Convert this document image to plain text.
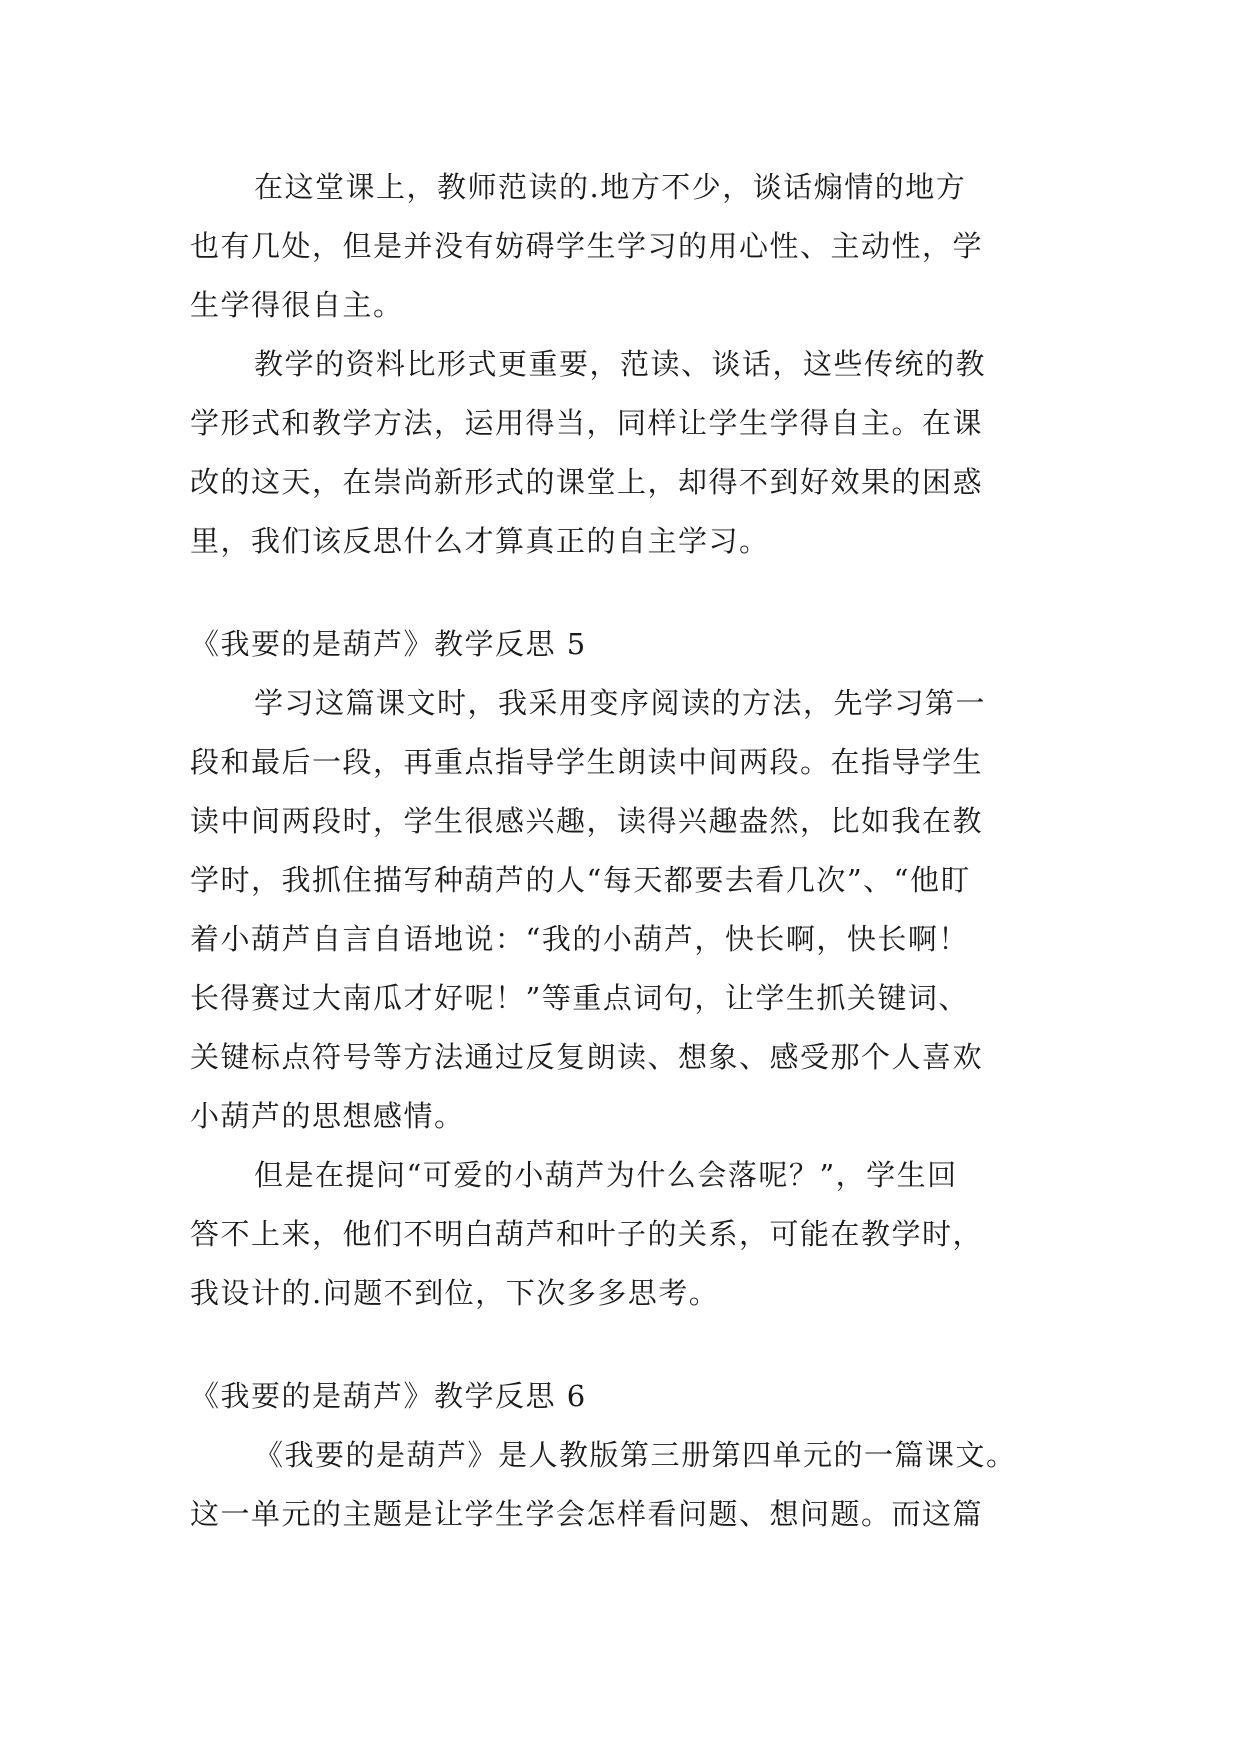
在这堂课上，教师范读的.地方不少，谈话煽情的地方
也有几处，但是并没有妨碍学生学习的用心性、主动性，学
生学得很自主。
教学的资料比形式更重要，范读、谈话，这些传统的教
学形式和教学方法，运用得当，同样让学生学得自主。在课
改的这天，在崇尚新形式的课堂上，却得不到好效果的困惑
里，我们该反思什么才算真正的自主学习。
《我要的是葫芦》教学反思 5
学习这篇课文时，我采用变序阅读的方法，先学习第一
段和最后一段，再重点指导学生朗读中间两段。在指导学生
读中间两段时，学生很感兴趣，读得兴趣盎然，比如我在教
学时，我抓住描写种葫芦的人“每天都要去看几次”、“他盯
着小葫芦自言自语地说：“我的小葫芦，快长啊，快长啊！
长得赛过大南瓜才好呢！”等重点词句，让学生抓关键词、
关键标点符号等方法通过反复朗读、想象、感受那个人喜欢
小葫芦的思想感情。
但是在提问“可爱的小葫芦为什么会落呢？”，学生回
答不上来，他们不明白葫芦和叶子的关系，可能在教学时，
我设计的.问题不到位，下次多多思考。
《我要的是葫芦》教学反思 6
《我要的是葫芦》是人教版第三册第四单元的一篇课文。
这一单元的主题是让学生学会怎样看问题、想问题。而这篇
